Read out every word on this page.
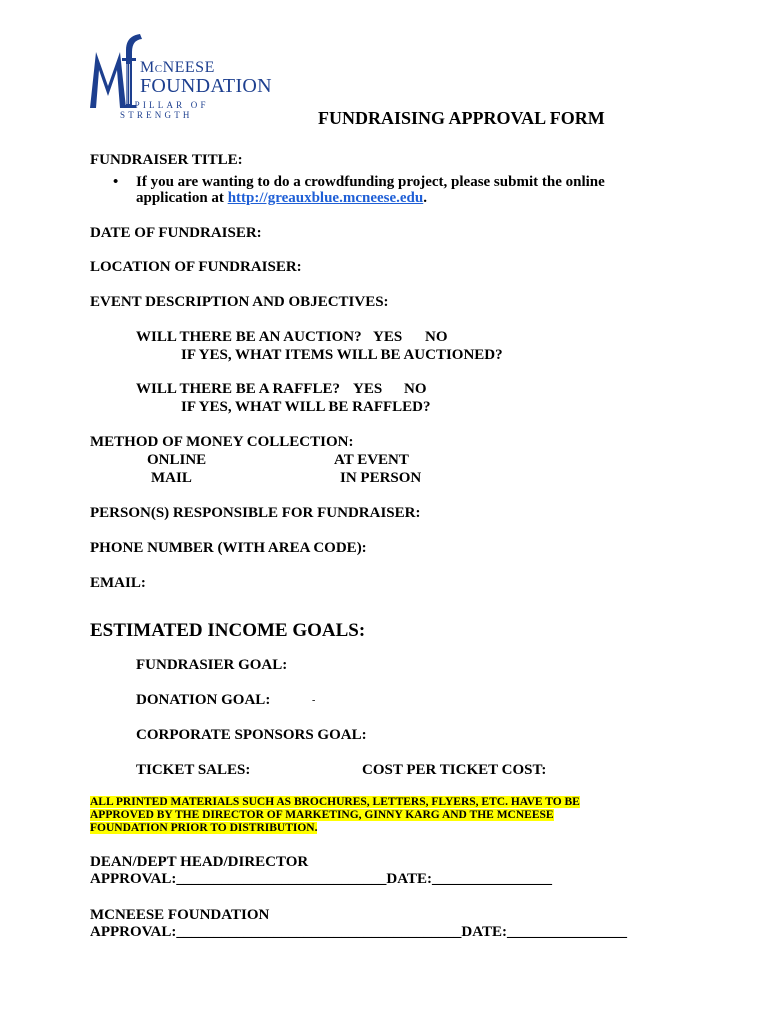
MCNEESE
FOUNDATION
A PILLAR OF STRENGTH	FUNDRAISING APPROVAL FORM
FUNDRAISER TITLE:
• If you are wanting to do a crowdfunding project, please submit the online
application at http://greauxblue.mcneese.edu.
DATE OF FUNDRAISER:
LOCATION OF FUNDRAISER:
EVENT DESCRIPTION AND OBJECTIVES:
WILL THERE BE AN AUCTION? YES NO
IF YES, WHAT ITEMS WILL BE AUCTIONED?
WILL THERE BE A RAFFLE? YES NO
IF YES, WHAT WILL BE RAFFLED?
METHOD OF MONEY COLLECTION:
ONLINE	AT EVENT
MAIL	IN PERSON
PERSON(S) RESPONSIBLE FOR FUNDRAISER:
PHONE NUMBER (WITH AREA CODE):
EMAIL:
ESTIMATED INCOME GOALS:
FUNDRASIER GOAL:
DONATION GOAL:	-
CORPORATE SPONSORS GOAL:
TICKET SALES:	COST PER TICKET COST:
ALL PRINTED MATERIALS SUCH AS BROCHURES, LETTERS, FLYERS, ETC. HAVE TO BE
APPROVED BY THE DIRECTOR OF MARKETING, GINNY KARG AND THE MCNEESE
FOUNDATION PRIOR TO DISTRIBUTION.
DEAN/DEPT HEAD/DIRECTOR
APPROVAL:____________________________DATE:________________
MCNEESE FOUNDATION
APPROVAL:______________________________________DATE:________________
